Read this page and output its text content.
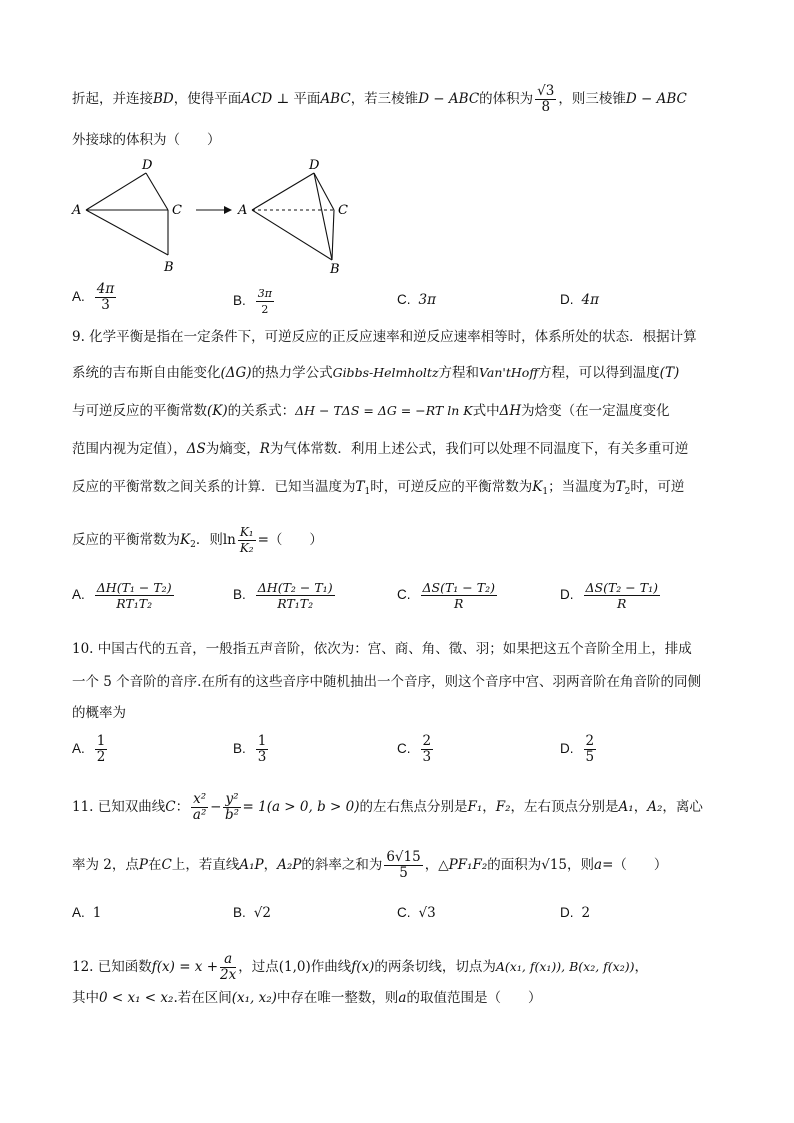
折起，并连接BD，使得平面ACD ⊥ 平面ABC，若三棱锥D − ABC的体积为 $\frac{√3}{8}$ ，则三棱锥D − ABC
外接球的体积为（　　）
D
A	C
B
D
A	C
B
A. $\frac{4\pi}{3}$	B. $\frac{3\pi}{2}$	C. 3π	D. 4π
9. 化学平衡是指在一定条件下，可逆反应的正反应速率和逆反应速率相等时，体系所处的状态．根据计算
系统的吉布斯自由能变化(ΔG)的热力学公式Gibbs-Helmholtz方程和Van'tHoff方程，可以得到温度(T)
与可逆反应的平衡常数(K)的关系式：ΔH − TΔS = ΔG = −RT ln K式中ΔH为焓变（在一定温度变化
范围内视为定值），ΔS为熵变，R为气体常数．利用上述公式，我们可以处理不同温度下，有关多重可逆
反应的平衡常数之间关系的计算．已知当温度为$T_1$时，可逆反应的平衡常数为$K_1$；当温度为$T_2$时，可逆
反应的平衡常数为$K_2$．则$\ln \frac{\text{K₁}}{\text{K₂}}$ =（　　）
A. $\frac{\text{ΔH(T₁ − T₂)}}{\text{RT₁T₂}}$	B. $\frac{\text{ΔH(T₂ − T₁)}}{\text{RT₁T₂}}$	C. $\frac{\text{ΔS(T₁ − T₂)}}{R}$	D. $\frac{\text{ΔS(T₂ − T₁)}}{R}$
10. 中国古代的五音，一般指五声音阶，依次为：宫、商、角、徵、羽；如果把这五个音阶全用上，排成
一个 5 个音阶的音序.在所有的这些音序中随机抽出一个音序，则这个音序中宫、羽两音阶在角音阶的同侧
的概率为
A. $\frac{1}{2}$	B. $\frac{1}{3}$	C. $\frac{2}{3}$	D. $\frac{2}{5}$
11. 已知双曲线C： $\frac{\text{x²}}{\text{a²}} - \frac{\text{y²}}{\text{b²}} = 1(a > 0$, b > 0)的左右焦点分别是F₁，F₂，左右顶点分别是A₁，A₂，离心
率为 2，点P在C上，若直线A₁P，A₂P的斜率之和为 $\frac{6√15}{5}$ ，△PF₁F₂的面积为√15，则a=（　　）
A. 1	B. √2	C. √3	D. 2
12. 已知函数$f(x) = x + \frac{a}{2x}$ ，过点(1,0)作曲线f(x)的两条切线，切点为A(x₁, f(x₁)), B(x₂, f(x₂))，
其中0 < x₁ < x₂.若在区间(x₁, x₂)中存在唯一整数，则a的取值范围是（　　）
